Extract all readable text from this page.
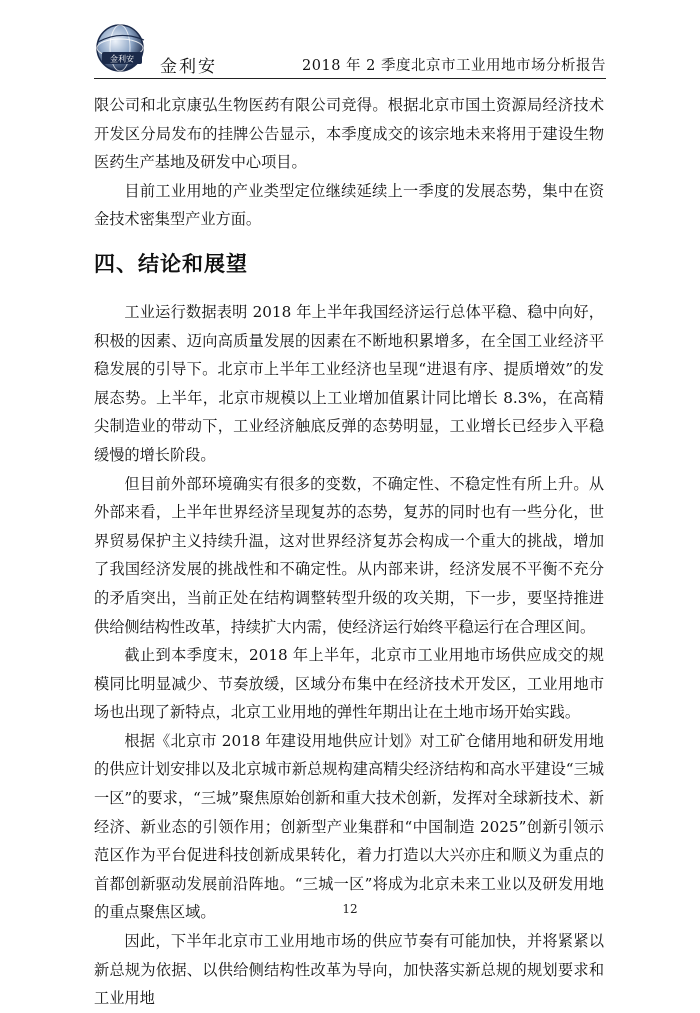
金利安 金利安	2018 年 2 季度北京市工业用地市场分析报告

限公司和北京康弘生物医药有限公司竞得。根据北京市国土资源局经济技术开发区分局发布的挂牌公告显示，本季度成交的该宗地未来将用于建设生物医药生产基地及研发中心项目。

目前工业用地的产业类型定位继续延续上一季度的发展态势，集中在资金技术密集型产业方面。

四、结论和展望

工业运行数据表明 2018 年上半年我国经济运行总体平稳、稳中向好，积极的因素、迈向高质量发展的因素在不断地积累增多，在全国工业经济平稳发展的引导下。北京市上半年工业经济也呈现“进退有序、提质增效”的发展态势。上半年，北京市规模以上工业增加值累计同比增长 8.3%，在高精尖制造业的带动下，工业经济触底反弹的态势明显，工业增长已经步入平稳缓慢的增长阶段。

但目前外部环境确实有很多的变数，不确定性、不稳定性有所上升。从外部来看，上半年世界经济呈现复苏的态势，复苏的同时也有一些分化，世界贸易保护主义持续升温，这对世界经济复苏会构成一个重大的挑战，增加了我国经济发展的挑战性和不确定性。从内部来讲，经济发展不平衡不充分的矛盾突出，当前正处在结构调整转型升级的攻关期，下一步，要坚持推进供给侧结构性改革，持续扩大内需，使经济运行始终平稳运行在合理区间。

截止到本季度末，2018 年上半年，北京市工业用地市场供应成交的规模同比明显减少、节奏放缓，区域分布集中在经济技术开发区，工业用地市场也出现了新特点，北京工业用地的弹性年期出让在土地市场开始实践。

根据《北京市 2018 年建设用地供应计划》对工矿仓储用地和研发用地的供应计划安排以及北京城市新总规构建高精尖经济结构和高水平建设“三城一区”的要求，“三城”聚焦原始创新和重大技术创新，发挥对全球新技术、新经济、新业态的引领作用；创新型产业集群和“中国制造 2025”创新引领示范区作为平台促进科技创新成果转化，着力打造以大兴亦庄和顺义为重点的首都创新驱动发展前沿阵地。“三城一区”将成为北京未来工业以及研发用地的重点聚焦区域。

因此，下半年北京市工业用地市场的供应节奏有可能加快，并将紧紧以新总规为依据、以供给侧结构性改革为导向，加快落实新总规的规划要求和工业用地

12
